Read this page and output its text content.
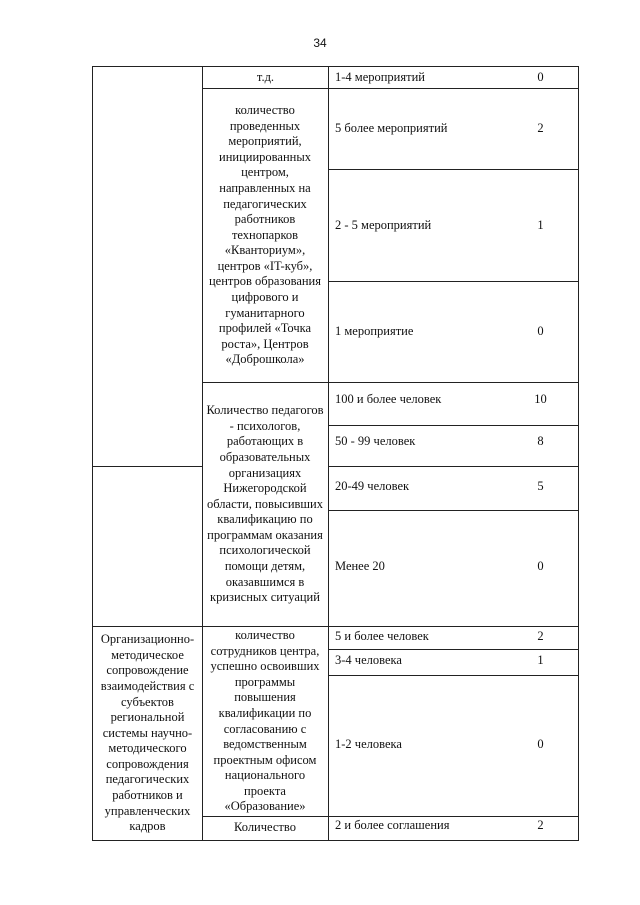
34
т.д.	1-4 мероприятий	0
количество проведенных мероприятий, инициированных центром, направленных на педагогических работников технопарков «Кванториум», центров «IT-куб», центров образования цифрового и гуманитарного профилей «Точка роста», Центров «Доброшкола»
5 более мероприятий	2
2 - 5 мероприятий	1
1 мероприятие	0
Количество педагогов - психологов, работающих в образовательных организациях Нижегородской области, повысивших квалификацию по программам оказания психологической помощи детям, оказавшимся в кризисных ситуаций
100 и более человек	10
50 - 99 человек	8
20-49 человек	5
Менее 20	0
Организационно-методическое сопровождение взаимодействия с субъектов региональной системы научно-методического сопровождения педагогических работников и управленческих кадров
количество сотрудников центра, успешно освоивших программы повышения квалификации по согласованию с ведомственным проектным офисом национального проекта «Образование»
5 и более человек	2
3-4 человека	1
1-2 человека	0
Количество	2 и более соглашения	2
